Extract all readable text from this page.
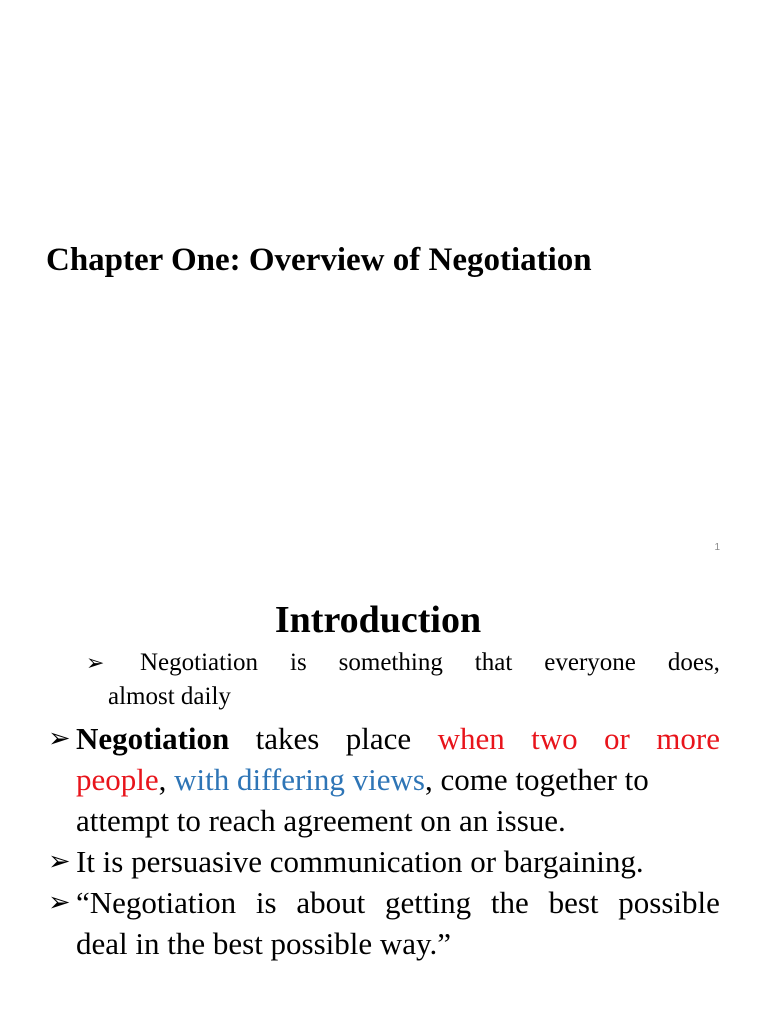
Chapter One: Overview of Negotiation
1
Introduction
➢ Negotiation is something that everyone does,
almost daily
➢ Negotiation takes place when two or more
people, with differing views, come together to
attempt to reach agreement on an issue.
➢ It is persuasive communication or bargaining.
➢ “Negotiation is about getting the best possible
deal in the best possible way.”
